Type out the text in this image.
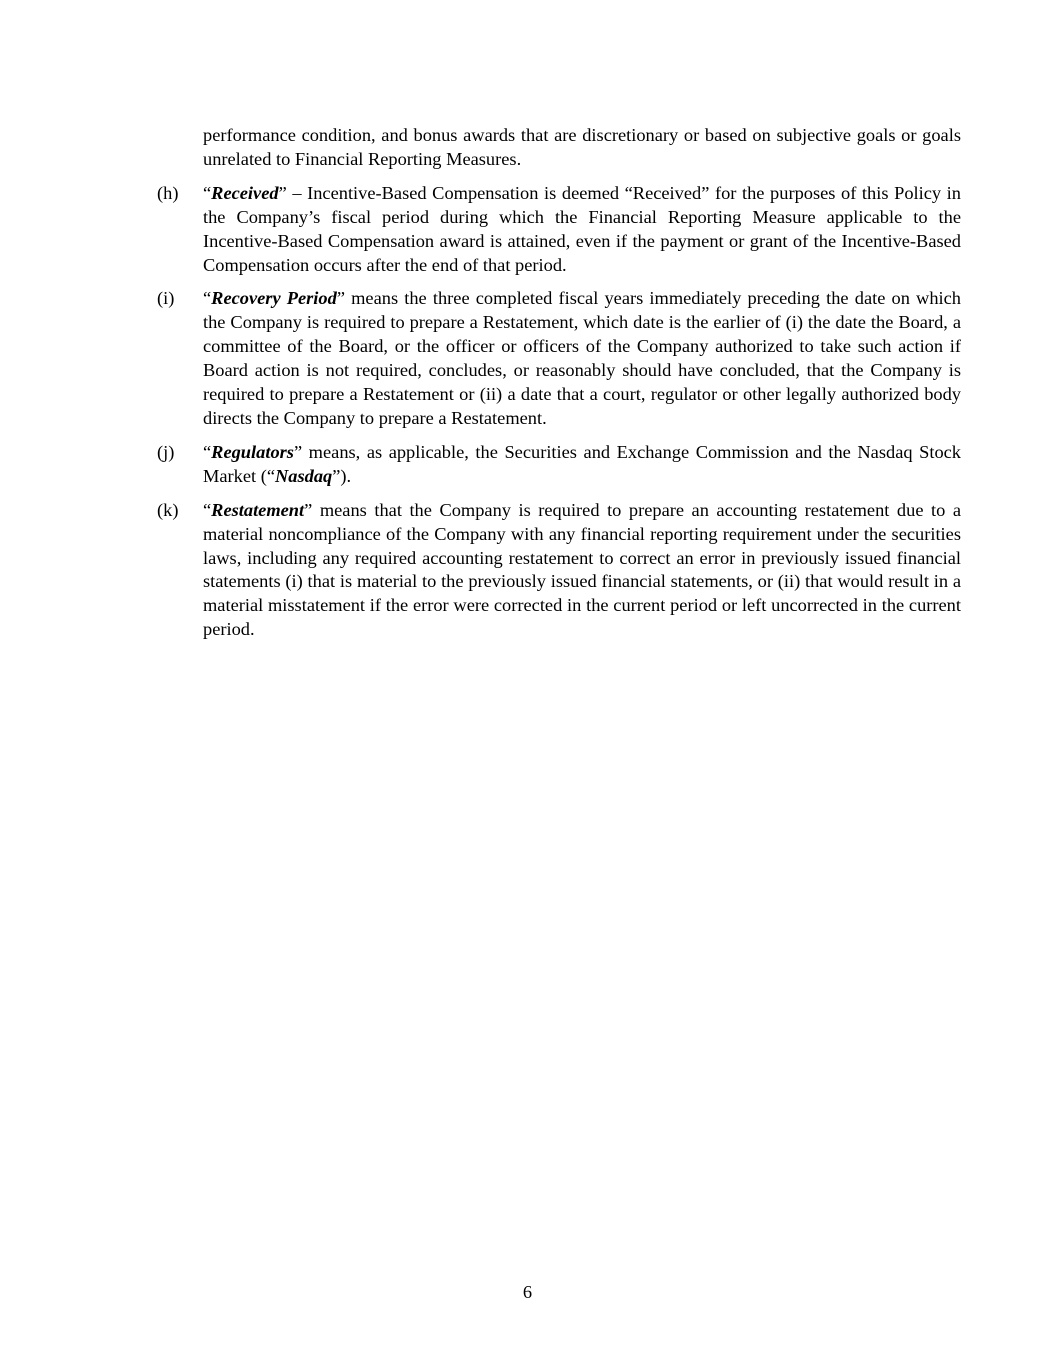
performance condition, and bonus awards that are discretionary or based on subjective goals or goals unrelated to Financial Reporting Measures.
(h)	“Received” – Incentive-Based Compensation is deemed “Received” for the purposes of this Policy in the Company’s fiscal period during which the Financial Reporting Measure applicable to the Incentive-Based Compensation award is attained, even if the payment or grant of the Incentive-Based Compensation occurs after the end of that period.
(i)	“Recovery Period” means the three completed fiscal years immediately preceding the date on which the Company is required to prepare a Restatement, which date is the earlier of (i) the date the Board, a committee of the Board, or the officer or officers of the Company authorized to take such action if Board action is not required, concludes, or reasonably should have concluded, that the Company is required to prepare a Restatement or (ii) a date that a court, regulator or other legally authorized body directs the Company to prepare a Restatement.
(j)	“Regulators” means, as applicable, the Securities and Exchange Commission and the Nasdaq Stock Market (“Nasdaq”).
(k)	“Restatement” means that the Company is required to prepare an accounting restatement due to a material noncompliance of the Company with any financial reporting requirement under the securities laws, including any required accounting restatement to correct an error in previously issued financial statements (i) that is material to the previously issued financial statements, or (ii) that would result in a material misstatement if the error were corrected in the current period or left uncorrected in the current period.
6
